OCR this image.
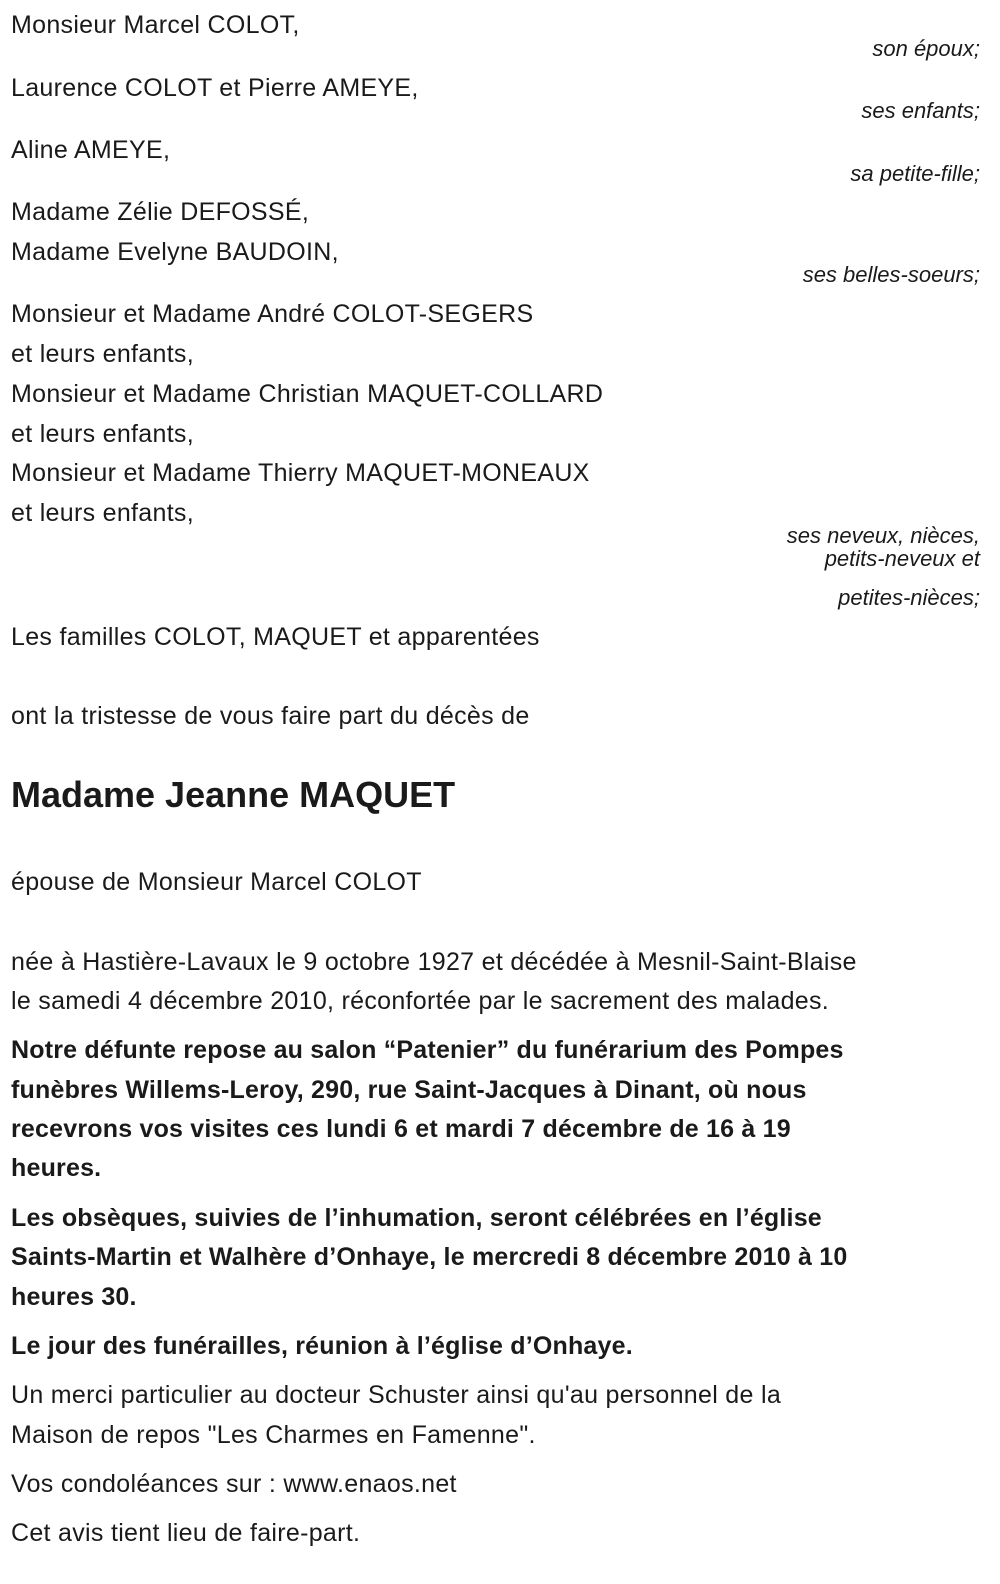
Monsieur Marcel COLOT,
son époux;
Laurence COLOT et Pierre AMEYE,
ses enfants;
Aline AMEYE,
sa petite-fille;
Madame Zélie DEFOSSÉ,
Madame Evelyne BAUDOIN,
ses belles-soeurs;
Monsieur et Madame André COLOT-SEGERS
et leurs enfants,
Monsieur et Madame Christian MAQUET-COLLARD
et leurs enfants,
Monsieur et Madame Thierry MAQUET-MONEAUX
et leurs enfants,
ses neveux, nièces,
petits-neveux et
petites-nièces;
Les familles COLOT, MAQUET et apparentées
ont la tristesse de vous faire part du décès de
Madame Jeanne MAQUET
épouse de Monsieur Marcel COLOT
née à Hastière-Lavaux le 9 octobre 1927 et décédée à Mesnil-Saint-Blaise
le samedi 4 décembre 2010, réconfortée par le sacrement des malades.
Notre défunte repose au salon “Patenier” du funérarium des Pompes
funèbres Willems-Leroy, 290, rue Saint-Jacques à Dinant, où nous
recevrons vos visites ces lundi 6 et mardi 7 décembre de 16 à 19
heures.
Les obsèques, suivies de l’inhumation, seront célébrées en l’église
Saints-Martin et Walhère d’Onhaye, le mercredi 8 décembre 2010 à 10
heures 30.
Le jour des funérailles, réunion à l’église d’Onhaye.
Un merci particulier au docteur Schuster ainsi qu'au personnel de la
Maison de repos "Les Charmes en Famenne".
Vos condoléances sur : www.enaos.net
Cet avis tient lieu de faire-part.
